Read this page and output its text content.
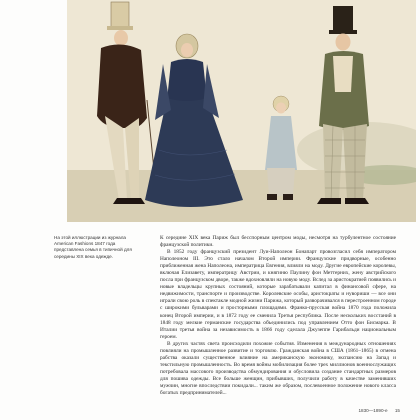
На этой иллюстрации из журнала American Fashions 1847 года представлена семья в типичной для середины XIX века одежде.

К середине XIX века Париж был бесспорным центром моды, несмотря на турбулентное состояние французской политики.

В 1852 году французский президент Луи-Наполеон Бонапарт провозгласил себя императором Наполеоном III. Это стало началом Второй империи. Французские придворные, особенно приближенная жена Наполеона, императрица Евгения, влияли на моду. Другие европейские королевы, включая Елизавету, императрицу Австрии, и княгиню Паулину фон Меттерних, жену австрийского посла при французском дворе, также вдохновляли на новую моду. Вслед за аристократией появились и новые владельцы крупных состояний, которые зарабатывали капитал в финансовой сфере, на недвижимости, транспорте и производстве. Королевские особы, аристократы и нувориши — все они играли свою роль в спектакле модной жизни Парижа, который разворачивался в перестроенном городе с широкими бульварами и просторными площадями. Франко-прусская война 1870 года положила конец Второй империи, и в 1872 году ее сменила Третья республика. После нескольких восстаний в 1848 году мелкие германские государства объединились под управлением Отто фон Бисмарка. В Италии третья война за независимость в 1866 году сделала Джузеппе Гарибальди национальным героем.

В других частях света происходили похожие события. Изменения в международных отношениях повлияли на промышленное развитие и торговлю. Гражданская война в США (1861–1865) в отмена рабства оказали существенное влияние на американскую экономику, экспансию на Запад и текстильную промышленность. Во время войны мобилизация более трех миллионов военнослужащих потребовала массового производства обмундирования и обусловила создание стандартных размеров для пошива одежды. Все больше женщин, прибывших, получили работу в качестве заменивших мужчин, многие впоследствии покидали... таким же образом, послевоенное положение нового класса богатых предпринимателей...

1830—1890-е 15
